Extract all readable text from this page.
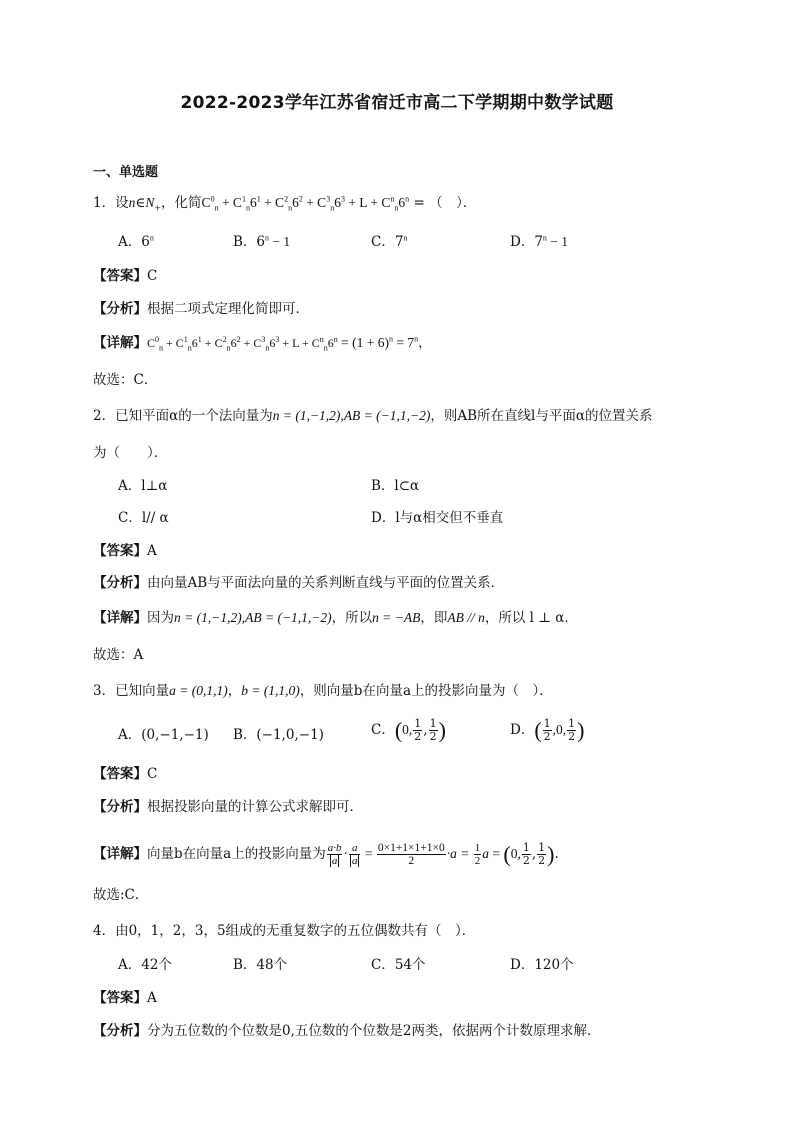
2022-2023学年江苏省宿迁市高二下学期期中数学试题
一、单选题
1．设$n\in N_+$，化简$C^0_n + C^1_n6^1 + C^2_n6^2 + C^3_n6^3 + L + C^n_n6^n$ = （　）．
A．6$^n$	B．$6^n - 1$	C．7$^n$	D．$7^n - 1$
【答案】C
【分析】根据二项式定理化简即可．
【详解】$C^0_n + C^1_n6^1 + C^2_n6^2 + C^3_n6^3 + L + C^n_n6^n = (1 + 6)^n = 7^n$，
故选：C．
2．已知平面α的一个法向量为n = (1,−1,2),AB = (−1,1,−2)，则AB所在直线l与平面α的位置关系
为（　　）．
A．l⊥α	B．l⊂α
C．l// α	D．l与α相交但不垂直
【答案】A
【分析】由向量AB与平面法向量的关系判断直线与平面的位置关系．
【详解】因为n = (1,−1,2),AB = (−1,1,−2)，所以n = −AB，即AB // n，所以 l ⊥ α．
故选：A
3．已知向量a = (0,1,1)，b = (1,1,0)，则向量b在向量a上的投影向量为（　）．
A．(0,−1,−1) B．(−1,0,−1)	C．(0, $\frac{1}{2}$ , $\frac{1}{2}$ )	D．( $\frac{1}{2} ,0$, $\frac{1}{2}$ )
【答案】C
【分析】根据投影向量的计算公式求解即可．
【详解】向量b在向量a上的投影向量为 $\frac{a\cdot b}{a} \cdot \frac{a}{a} = \frac{0\times 1+1\times 1+1\times 0}{2} \cdot a = \frac{1}{2}$ a = (0, $\frac{1}{2}$ , $\frac{1}{2}$ ).
故选:C．
4．由0，1，2，3，5组成的无重复数字的五位偶数共有（　）．
A．42个	B．48个	C．54个	D．120个
【答案】A
【分析】分为五位数的个位数是0,五位数的个位数是2两类，依据两个计数原理求解．
